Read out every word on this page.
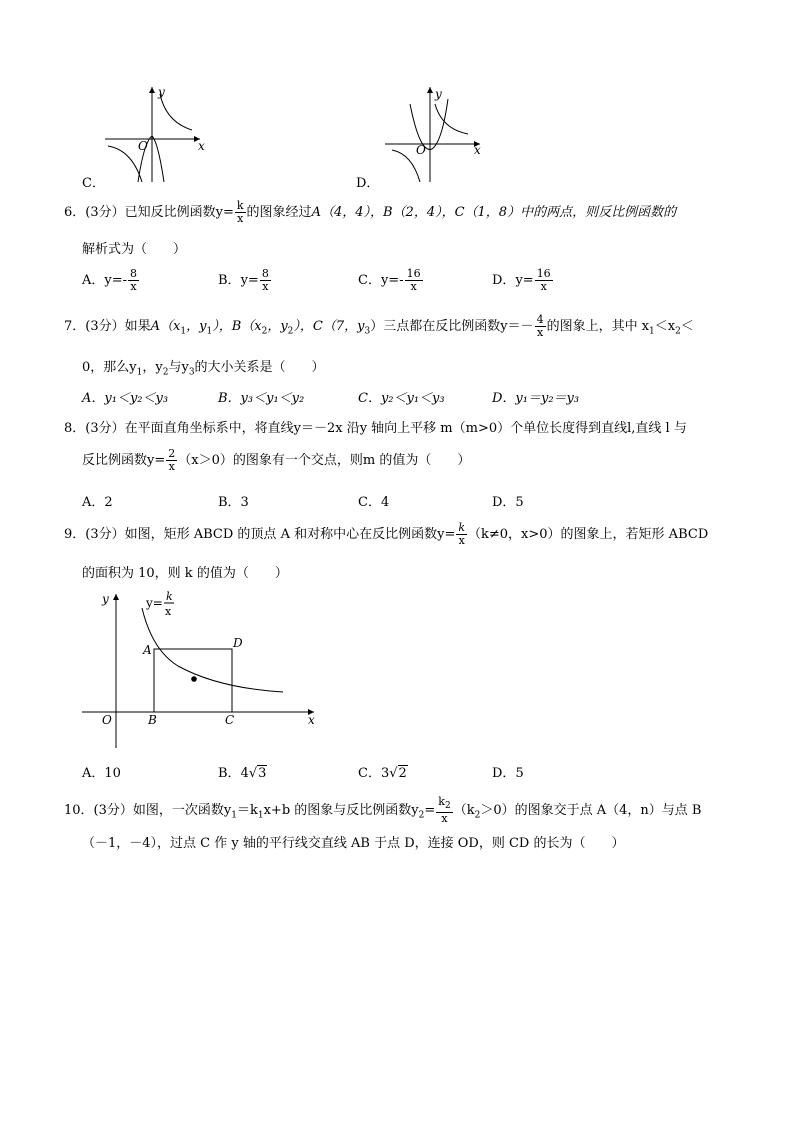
y
x
O
C．
y
x
O
D．
6．(3分）已知反比例函数$y= \frac{k}{x}$ 的图象经过A（4，4），B（2，4），C（1，8）中的两点，则反比例函数的
解析式为（　　）
A．$y=- \frac{8}{x}$	B．$y= \frac{8}{x}$	C．$y=- \frac{16}{x}$	D．$y= \frac{16}{x}$
7．(3分）如果$A(x_1$，$y_1$），$B(x_2$，$y_2$），C（7，$y_3$）三点都在反比例函数$y=- \frac{4}{x}$ 的图象上，其中 $x_1<x_2<$
0，那么$y_1$，$y_2$与$y_3$的大小关系是（　　）
A．y₁＜y₂＜y₃	B．y₃＜y₁＜y₂	C．y₂＜y₁＜y₃	D．y₁＝y₂＝y₃
8．(3分）在平面直角坐标系中，将直线y＝－2x 沿y 轴向上平移 m（m>0）个单位长度得到直线l,直线 l 与
反比例函数$y= \frac{2}{x} (x>0)$的图象有一个交点，则m 的值为（　　）
A．2	B．3	C．4	D．5
9．(3分）如图，矩形 ABCD 的顶点 A 和对称中心在反比例函数$y= \frac{k}{x} (k\ne 0$，x>0）的图象上，若矩形 ABCD
的面积为 10，则 k 的值为（　　）
y
x
O
A
B	C
D
y= k
x
A．10	B．4√3	C．3√2	D．5
10．(3分）如图，一次函数$y_1=k_1x+b$ 的图象与反比例函数$y_2= \frac{k_2}{x} (k_2>0)$的图象交于点 A（4，n）与点 B
（－1，－4），过点 C 作 y 轴的平行线交直线 AB 于点 D，连接 OD，则 CD 的长为（　　）
